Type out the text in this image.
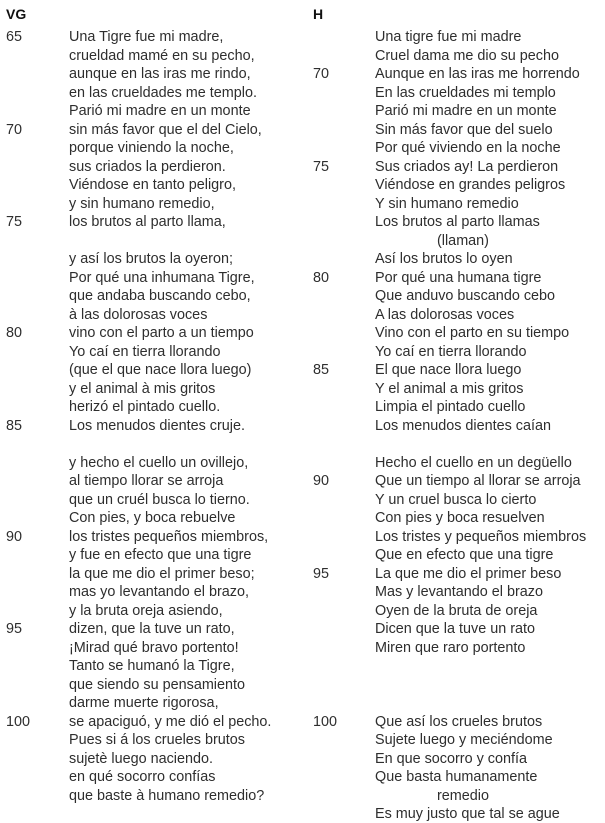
VG	H
65
70
75
80
85
90
95
100
Una Tigre fue mi madre,
crueldad mamé en su pecho,
aunque en las iras me rindo,
en las crueldades me templo.
Parió mi madre en un monte
sin más favor que el del Cielo,
porque viniendo la noche,
sus criados la perdieron.
Viéndose en tanto peligro,
y sin humano remedio,
los brutos al parto llama,
y así los brutos la oyeron;
Por qué una inhumana Tigre,
que andaba buscando cebo,
à las dolorosas voces
vino con el parto a un tiempo
Yo caí en tierra llorando
(que el que nace llora luego)
y el animal à mis gritos
herizó el pintado cuello.
Los menudos dientes cruje.
y hecho el cuello un ovillejo,
al tiempo llorar se arroja
que un cruél busca lo tierno.
Con pies, y boca rebuelve
los tristes pequeños miembros,
y fue en efecto que una tigre
la que me dio el primer beso;
mas yo levantando el brazo,
y la bruta oreja asiendo,
dizen, que la tuve un rato,
¡Mirad qué bravo portento!
Tanto se humanó la Tigre,
que siendo su pensamiento
darme muerte rigorosa,
se apaciguó, y me dió el pecho.
Pues si á los crueles brutos
sujetè luego naciendo.
en qué socorro confías
que baste à humano remedio?
70
75
80
85
90
95
100
Una tigre fue mi madre
Cruel dama me dio su pecho
Aunque en las iras me horrendo
En las crueldades mi templo
Parió mi madre en un monte
Sin más favor que del suelo
Por qué viviendo en la noche
Sus criados ay! La perdieron
Viéndose en grandes peligros
Y sin humano remedio
Los brutos al parto llamas
(llaman)
Así los brutos lo oyen
Por qué una humana tigre
Que anduvo buscando cebo
A las dolorosas voces
Vino con el parto en su tiempo
Yo caí en tierra llorando
El que nace llora luego
Y el animal a mis gritos
Limpia el pintado cuello
Los menudos dientes caían
Hecho el cuello en un degüello
Que un tiempo al llorar se arroja
Y un cruel busca lo cierto
Con pies y boca resuelven
Los tristes y pequeños miembros
Que en efecto que una tigre
La que me dio el primer beso
Mas y levantando el brazo
Oyen de la bruta de oreja
Dicen que la tuve un rato
Miren que raro portento
Que así los crueles brutos
Sujete luego y meciéndome
En que socorro y confía
Que basta humanamente
remedio
Es muy justo que tal se ague
